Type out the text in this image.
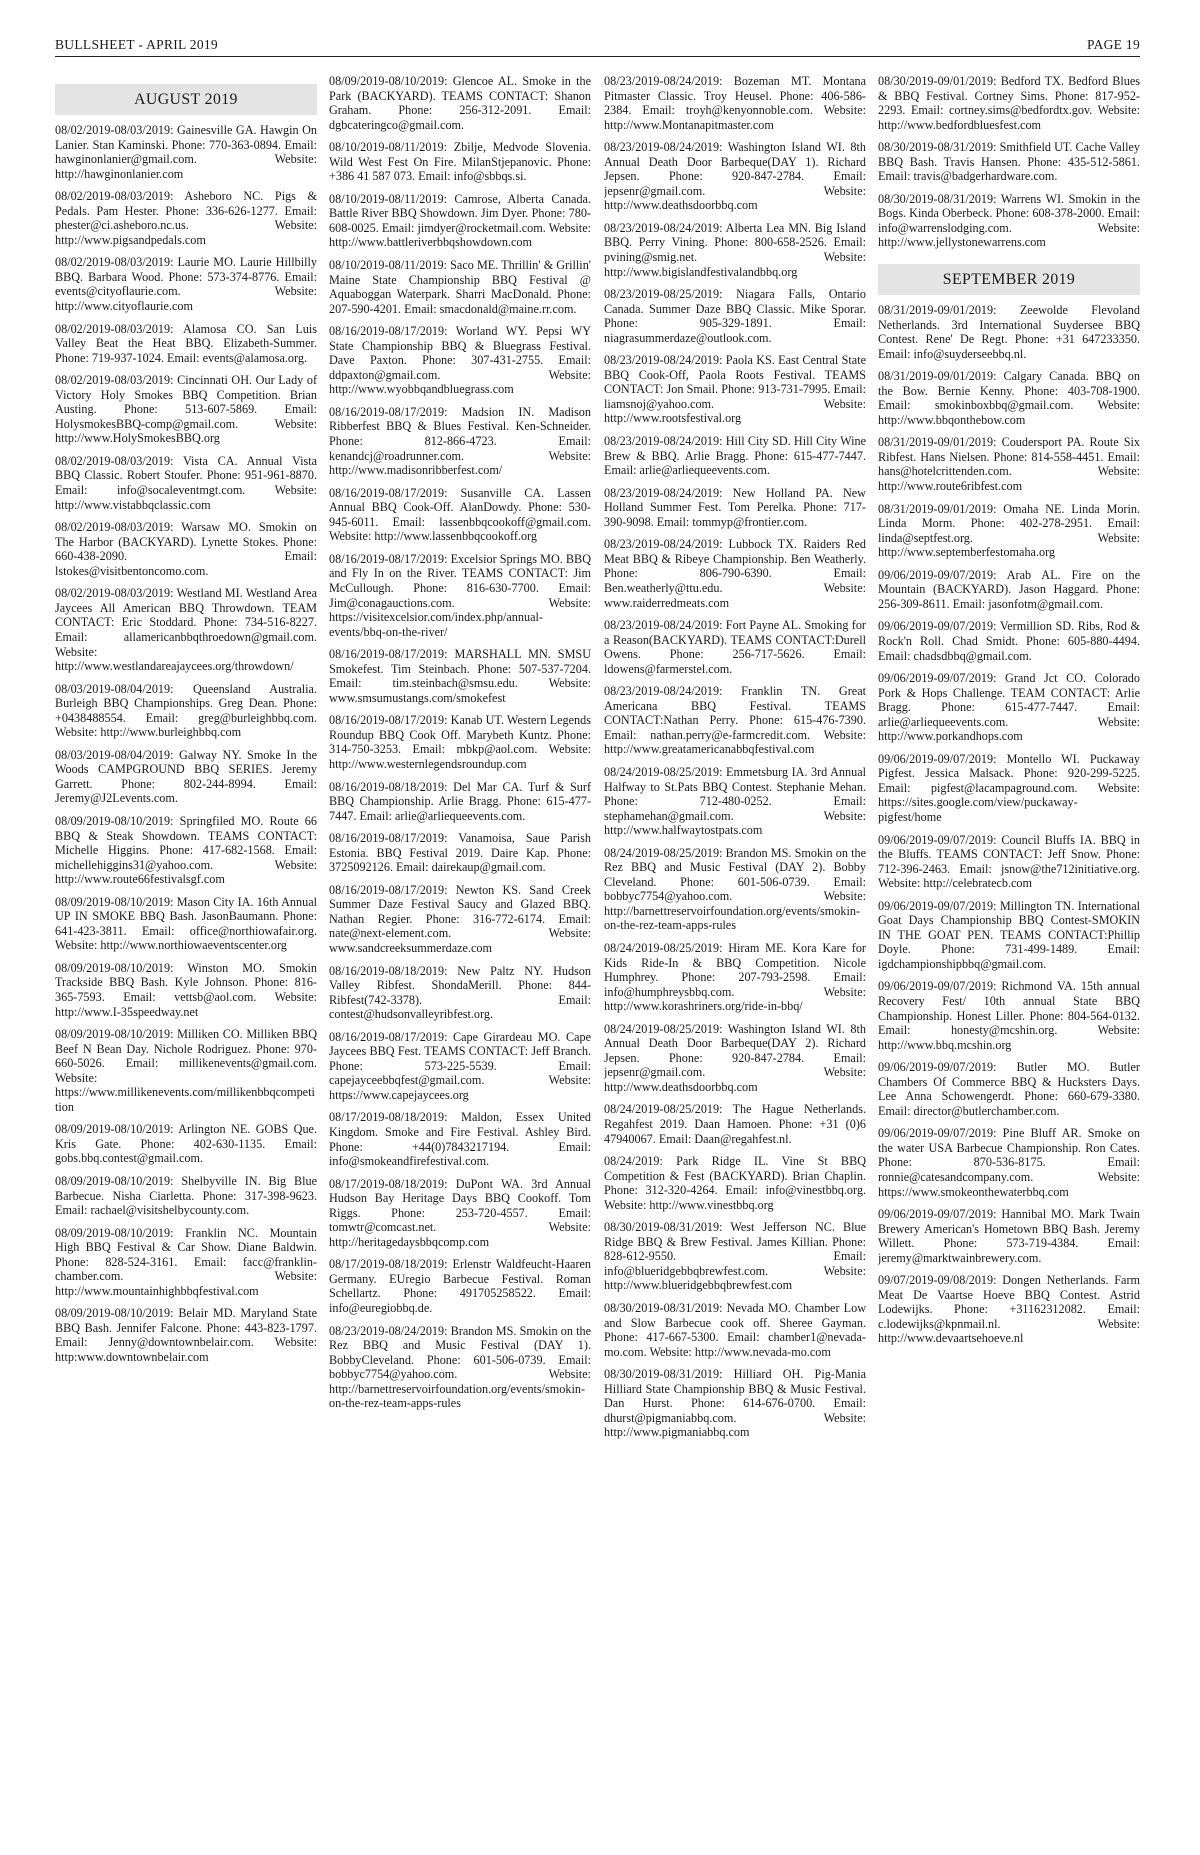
BULLSHEET - APRIL 2019	PAGE 19
AUGUST 2019

08/02/2019-08/03/2019: Gainesville GA. Hawgin On Lanier. Stan Kaminski. Phone: 770-363-0894. Email: hawginonlanier@gmail.com. Website: http://hawginonlanier.com

08/02/2019-08/03/2019: Asheboro NC. Pigs & Pedals. Pam Hester. Phone: 336-626-1277. Email: phester@ci.asheboro.nc.us. Website: http://www.pigsandpedals.com

08/02/2019-08/03/2019: Laurie MO. Laurie Hillbilly BBQ. Barbara Wood. Phone: 573-374-8776. Email: events@cityoflaurie.com. Website: http://www.cityoflaurie.com

08/02/2019-08/03/2019: Alamosa CO. San Luis Valley Beat the Heat BBQ. Elizabeth-Summer. Phone: 719-937-1024. Email: events@alamosa.org.

08/02/2019-08/03/2019: Cincinnati OH. Our Lady of Victory Holy Smokes BBQ Competition. Brian Austing. Phone: 513-607-5869. Email: HolysmokesBBQ-comp@gmail.com. Website: http://www.HolySmokesBBQ.org

08/02/2019-08/03/2019: Vista CA. Annual Vista BBQ Classic. Robert Stoufer. Phone: 951-961-8870. Email: info@socaleventmgt.com. Website: http://www.vistabbqclassic.com

08/02/2019-08/03/2019: Warsaw MO. Smokin on The Harbor (BACKYARD). Lynette Stokes. Phone: 660-438-2090. Email: lstokes@visitbentoncomo.com.

08/02/2019-08/03/2019: Westland MI. Westland Area Jaycees All American BBQ Throwdown. TEAM CONTACT: Eric Stoddard. Phone: 734-516-8227. Email: allamericanbbqthroedown@gmail.com. Website: http://www.westlandareajaycees.org/throwdown/

08/03/2019-08/04/2019: Queensland Australia. Burleigh BBQ Championships. Greg Dean. Phone: +0438488554. Email: greg@burleighbbq.com. Website: http://www.burleighbbq.com

08/03/2019-08/04/2019: Galway NY. Smoke In the Woods CAMPGROUND BBQ SERIES. Jeremy Garrett. Phone: 802-244-8994. Email: Jeremy@J2Levents.com.

08/09/2019-08/10/2019: Springfiled MO. Route 66 BBQ & Steak Showdown. TEAMS CONTACT: Michelle Higgins. Phone: 417-682-1568. Email: michellehiggins31@yahoo.com. Website: http://www.route66festivalsgf.com

08/09/2019-08/10/2019: Mason City IA. 16th Annual UP IN SMOKE BBQ Bash. JasonBaumann. Phone: 641-423-3811. Email: office@northiowafair.org. Website: http://www.northiowaeventscenter.org

08/09/2019-08/10/2019: Winston MO. Smokin Trackside BBQ Bash. Kyle Johnson. Phone: 816-365-7593. Email: vettsb@aol.com. Website: http://www.I-35speedway.net

08/09/2019-08/10/2019: Milliken CO. Milliken BBQ Beef N Bean Day. Nichole Rodriguez. Phone: 970-660-5026. Email: millikenevents@gmail.com. Website: https://www.millikenevents.com/millikenbbqcompetition

08/09/2019-08/10/2019: Arlington NE. GOBS Que. Kris Gate. Phone: 402-630-1135. Email: gobs.bbq.contest@gmail.com.

08/09/2019-08/10/2019: Shelbyville IN. Big Blue Barbecue. Nisha Ciarletta. Phone: 317-398-9623. Email: rachael@visitshelbycounty.com.

08/09/2019-08/10/2019: Franklin NC. Mountain High BBQ Festival & Car Show. Diane Baldwin. Phone: 828-524-3161. Email: facc@franklin-chamber.com. Website: http://www.mountainhighbbqfestival.com

08/09/2019-08/10/2019: Belair MD. Maryland State BBQ Bash. Jennifer Falcone. Phone: 443-823-1797. Email: Jenny@downtownbelair.com. Website: http:www.downtownbelair.com

08/09/2019-08/10/2019: Glencoe AL. Smoke in the Park (BACKYARD). TEAMS CONTACT: Shanon Graham. Phone: 256-312-2091. Email: dgbcateringco@gmail.com.

08/10/2019-08/11/2019: Zbilje, Medvode Slovenia. Wild West Fest On Fire. MilanStjepanovic. Phone: +386 41 587 073. Email: info@sbbqs.si.

08/10/2019-08/11/2019: Camrose, Alberta Canada. Battle River BBQ Showdown. Jim Dyer. Phone: 780-608-0025. Email: jimdyer@rocketmail.com. Website: http://www.battleriverbbqshowdown.com

08/10/2019-08/11/2019: Saco ME. Thrillin' & Grillin' Maine State Championship BBQ Festival @ Aquaboggan Waterpark. Sharri MacDonald. Phone: 207-590-4201. Email: smacdonald@maine.rr.com.

08/16/2019-08/17/2019: Worland WY. Pepsi WY State Championship BBQ & Bluegrass Festival. Dave Paxton. Phone: 307-431-2755. Email: ddpaxton@gmail.com. Website: http://www.wyobbqandbluegrass.com

08/16/2019-08/17/2019: Madsion IN. Madison Ribberfest BBQ & Blues Festival. Ken-Schneider. Phone: 812-866-4723. Email: kenandcj@roadrunner.com. Website: http://www.madisonribberfest.com/

08/16/2019-08/17/2019: Susanville CA. Lassen Annual BBQ Cook-Off. AlanDowdy. Phone: 530-945-6011. Email: lassenbbqcookoff@gmail.com. Website: http://www.lassenbbqcookoff.org

08/16/2019-08/17/2019: Excelsior Springs MO. BBQ and Fly In on the River. TEAMS CONTACT: Jim McCullough. Phone: 816-630-7700. Email: Jim@conagauctions.com. Website: https://visitexcelsior.com/index.php/annual-events/bbq-on-the-river/

08/16/2019-08/17/2019: MARSHALL MN. SMSU Smokefest. Tim Steinbach. Phone: 507-537-7204. Email: tim.steinbach@smsu.edu. Website: www.smsumustangs.com/smokefest

08/16/2019-08/17/2019: Kanab UT. Western Legends Roundup BBQ Cook Off. Marybeth Kuntz. Phone: 314-750-3253. Email: mbkp@aol.com. Website: http://www.westernlegendsroundup.com

08/16/2019-08/18/2019: Del Mar CA. Turf & Surf BBQ Championship. Arlie Bragg. Phone: 615-477-7447. Email: arlie@arliequeevents.com.

08/16/2019-08/17/2019: Vanamoisa, Saue Parish Estonia. BBQ Festival 2019. Daire Kap. Phone: 3725092126. Email: dairekaup@gmail.com.

08/16/2019-08/17/2019: Newton KS. Sand Creek Summer Daze Festival Saucy and Glazed BBQ. Nathan Regier. Phone: 316-772-6174. Email: nate@next-element.com. Website: www.sandcreeksummerdaze.com

08/16/2019-08/18/2019: New Paltz NY. Hudson Valley Ribfest. ShondaMerill. Phone: 844-Ribfest(742-3378). Email: contest@hudsonvalleyribfest.org.

08/16/2019-08/17/2019: Cape Girardeau MO. Cape Jaycees BBQ Fest. TEAMS CONTACT: Jeff Branch. Phone: 573-225-5539. Email: capejayceebbqfest@gmail.com. Website: https://www.capejaycees.org

08/17/2019-08/18/2019: Maldon, Essex United Kingdom. Smoke and Fire Festival. Ashley Bird. Phone: +44(0)7843217194. Email: info@smokeandfirefestival.com.

08/17/2019-08/18/2019: DuPont WA. 3rd Annual Hudson Bay Heritage Days BBQ Cookoff. Tom Riggs. Phone: 253-720-4557. Email: tomwtr@comcast.net. Website: http://heritagedaysbbqcomp.com

08/17/2019-08/18/2019: Erlenstr Waldfeucht-Haaren Germany. EUregio Barbecue Festival. Roman Schellartz. Phone: 491705258522. Email: info@euregiobbq.de.

08/23/2019-08/24/2019: Brandon MS. Smokin on the Rez BBQ and Music Festival (DAY 1). BobbyCleveland. Phone: 601-506-0739. Email: bobbyc7754@yahoo.com. Website: http://barnettreservoirfoundation.org/events/smokin-on-the-rez-team-apps-rules

08/23/2019-08/24/2019: Bozeman MT. Montana Pitmaster Classic. Troy Heusel. Phone: 406-586-2384. Email: troyh@kenyonnoble.com. Website: http://www.Montanapitmaster.com

08/23/2019-08/24/2019: Washington Island WI. 8th Annual Death Door Barbeque(DAY 1). Richard Jepsen. Phone: 920-847-2784. Email: jepsenr@gmail.com. Website: http://www.deathsdoorbbq.com

08/23/2019-08/24/2019: Alberta Lea MN. Big Island BBQ. Perry Vining. Phone: 800-658-2526. Email: pvining@smig.net. Website: http://www.bigislandfestivalandbbq.org

08/23/2019-08/25/2019: Niagara Falls, Ontario Canada. Summer Daze BBQ Classic. Mike Sporar. Phone: 905-329-1891. Email: niagrasummerdaze@outlook.com.

08/23/2019-08/24/2019: Paola KS. East Central State BBQ Cook-Off, Paola Roots Festival. TEAMS CONTACT: Jon Smail. Phone: 913-731-7995. Email: liamsnoj@yahoo.com. Website: http://www.rootsfestival.org

08/23/2019-08/24/2019: Hill City SD. Hill City Wine Brew & BBQ. Arlie Bragg. Phone: 615-477-7447. Email: arlie@arliequeevents.com.

08/23/2019-08/24/2019: New Holland PA. New Holland Summer Fest. Tom Perelka. Phone: 717-390-9098. Email: tommyp@frontier.com.

08/23/2019-08/24/2019: Lubbock TX. Raiders Red Meat BBQ & Ribeye Championship. Ben Weatherly. Phone: 806-790-6390. Email: Ben.weatherly@ttu.edu. Website: www.raiderredmeats.com

08/23/2019-08/24/2019: Fort Payne AL. Smoking for a Reason(BACKYARD). TEAMS CONTACT:Durell Owens. Phone: 256-717-5626. Email: ldowens@farmerstel.com.

08/23/2019-08/24/2019: Franklin TN. Great Americana BBQ Festival. TEAMS CONTACT:Nathan Perry. Phone: 615-476-7390. Email: nathan.perry@e-farmcredit.com. Website: http://www.greatamericanabbqfestival.com

08/24/2019-08/25/2019: Emmetsburg IA. 3rd Annual Halfway to St.Pats BBQ Contest. Stephanie Mehan. Phone: 712-480-0252. Email: stephamehan@gmail.com. Website: http://www.halfwaytostpats.com

08/24/2019-08/25/2019: Brandon MS. Smokin on the Rez BBQ and Music Festival (DAY 2). Bobby Cleveland. Phone: 601-506-0739. Email: bobbyc7754@yahoo.com. Website: http://barnettreservoirfoundation.org/events/smokin-on-the-rez-team-apps-rules

08/24/2019-08/25/2019: Hiram ME. Kora Kare for Kids Ride-In & BBQ Competition. Nicole Humphrey. Phone: 207-793-2598. Email: info@humphreysbbq.com. Website: http://www.korashriners.org/ride-in-bbq/

08/24/2019-08/25/2019: Washington Island WI. 8th Annual Death Door Barbeque(DAY 2). Richard Jepsen. Phone: 920-847-2784. Email: jepsenr@gmail.com. Website: http://www.deathsdoorbbq.com

08/24/2019-08/25/2019: The Hague Netherlands. Regahfest 2019. Daan Hamoen. Phone: +31 (0)6 47940067. Email: Daan@regahfest.nl.

08/24/2019: Park Ridge IL. Vine St BBQ Competition & Fest (BACKYARD). Brian Chaplin. Phone: 312-320-4264. Email: info@vinestbbq.org. Website: http://www.vinestbbq.org

08/30/2019-08/31/2019: West Jefferson NC. Blue Ridge BBQ & Brew Festival. James Killian. Phone: 828-612-9550. Email: info@blueridgebbqbrewfest.com. Website: http://www.blueridgebbqbrewfest.com

08/30/2019-08/31/2019: Nevada MO. Chamber Low and Slow Barbecue cook off. Sheree Gayman. Phone: 417-667-5300. Email: chamber1@nevada-mo.com. Website: http://www.nevada-mo.com

08/30/2019-08/31/2019: Hilliard OH. Pig-Mania Hilliard State Championship BBQ & Music Festival. Dan Hurst. Phone: 614-676-0700. Email: dhurst@pigmaniabbq.com. Website: http://www.pigmaniabbq.com

08/30/2019-09/01/2019: Bedford TX. Bedford Blues & BBQ Festival. Cortney Sims. Phone: 817-952-2293. Email: cortney.sims@bedfordtx.gov. Website: http://www.bedfordbluesfest.com

08/30/2019-08/31/2019: Smithfield UT. Cache Valley BBQ Bash. Travis Hansen. Phone: 435-512-5861. Email: travis@badgerhardware.com.

08/30/2019-08/31/2019: Warrens WI. Smokin in the Bogs. Kinda Oberbeck. Phone: 608-378-2000. Email: info@warrenslodging.com. Website: http://www.jellystonewarrens.com

SEPTEMBER 2019

08/31/2019-09/01/2019: Zeewolde Flevoland Netherlands. 3rd International Suydersee BBQ Contest. Rene' De Regt. Phone: +31 647233350. Email: info@suyderseebbq.nl.

08/31/2019-09/01/2019: Calgary Canada. BBQ on the Bow. Bernie Kenny. Phone: 403-708-1900. Email: smokinboxbbq@gmail.com. Website: http://www.bbqonthebow.com

08/31/2019-09/01/2019: Coudersport PA. Route Six Ribfest. Hans Nielsen. Phone: 814-558-4451. Email: hans@hotelcrittenden.com. Website: http://www.route6ribfest.com

08/31/2019-09/01/2019: Omaha NE. Linda Morin. Linda Morm. Phone: 402-278-2951. Email: linda@septfest.org. Website: http://www.septemberfestomaha.org

09/06/2019-09/07/2019: Arab AL. Fire on the Mountain (BACKYARD). Jason Haggard. Phone: 256-309-8611. Email: jasonfotm@gmail.com.

09/06/2019-09/07/2019: Vermillion SD. Ribs, Rod & Rock'n Roll. Chad Smidt. Phone: 605-880-4494. Email: chadsdbbq@gmail.com.

09/06/2019-09/07/2019: Grand Jct CO. Colorado Pork & Hops Challenge. TEAM CONTACT: Arlie Bragg. Phone: 615-477-7447. Email: arlie@arliequeevents.com. Website: http://www.porkandhops.com

09/06/2019-09/07/2019: Montello WI. Puckaway Pigfest. Jessica Malsack. Phone: 920-299-5225. Email: pigfest@lacampaground.com. Website: https://sites.google.com/view/puckaway-pigfest/home

09/06/2019-09/07/2019: Council Bluffs IA. BBQ in the Bluffs. TEAMS CONTACT: Jeff Snow. Phone: 712-396-2463. Email: jsnow@the712initiative.org. Website: http://celebratecb.com

09/06/2019-09/07/2019: Millington TN. International Goat Days Championship BBQ Contest-SMOKIN IN THE GOAT PEN. TEAMS CONTACT:Phillip Doyle. Phone: 731-499-1489. Email: igdchampionshipbbq@gmail.com.

09/06/2019-09/07/2019: Richmond VA. 15th annual Recovery Fest/ 10th annual State BBQ Championship. Honest Liller. Phone: 804-564-0132. Email: honesty@mcshin.org. Website: http://www.bbq.mcshin.org

09/06/2019-09/07/2019: Butler MO. Butler Chambers Of Commerce BBQ & Hucksters Days. Lee Anna Schowengerdt. Phone: 660-679-3380. Email: director@butlerchamber.com.

09/06/2019-09/07/2019: Pine Bluff AR. Smoke on the water USA Barbecue Championship. Ron Cates. Phone: 870-536-8175. Email: ronnie@catesandcompany.com. Website: https://www.smokeonthewaterbbq.com

09/06/2019-09/07/2019: Hannibal MO. Mark Twain Brewery American's Hometown BBQ Bash. Jeremy Willett. Phone: 573-719-4384. Email: jeremy@marktwainbrewery.com.

09/07/2019-09/08/2019: Dongen Netherlands. Farm Meat De Vaartse Hoeve BBQ Contest. Astrid Lodewijks. Phone: +31162312082. Email: c.lodewijks@kpnmail.nl. Website: http://www.devaartsehoeve.nl
